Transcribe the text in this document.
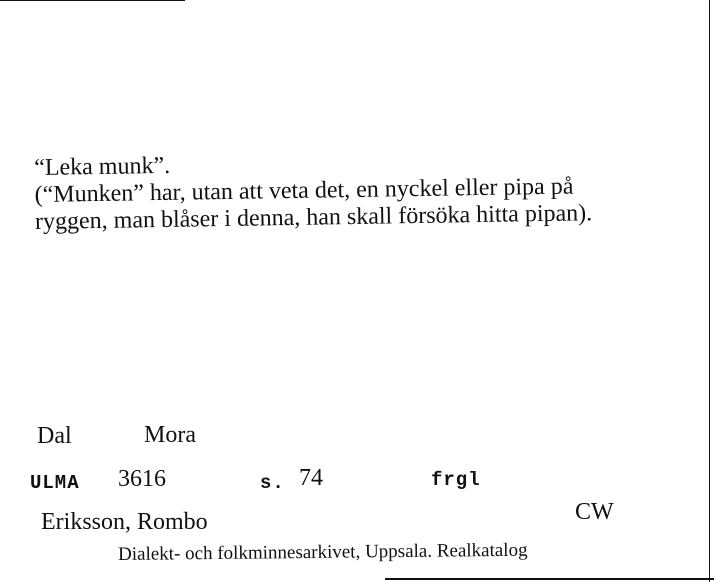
“Leka munk”.
(“Munken” har, utan att veta det, en nyckel eller pipa på
ryggen, man blåser i denna, han skall försöka hitta pipan).
Dal	Mora
ULMA 3616	s. 74	frgl
Eriksson, Rombo	CW
Dialekt- och folkminnesarkivet, Uppsala. Realkatalog
